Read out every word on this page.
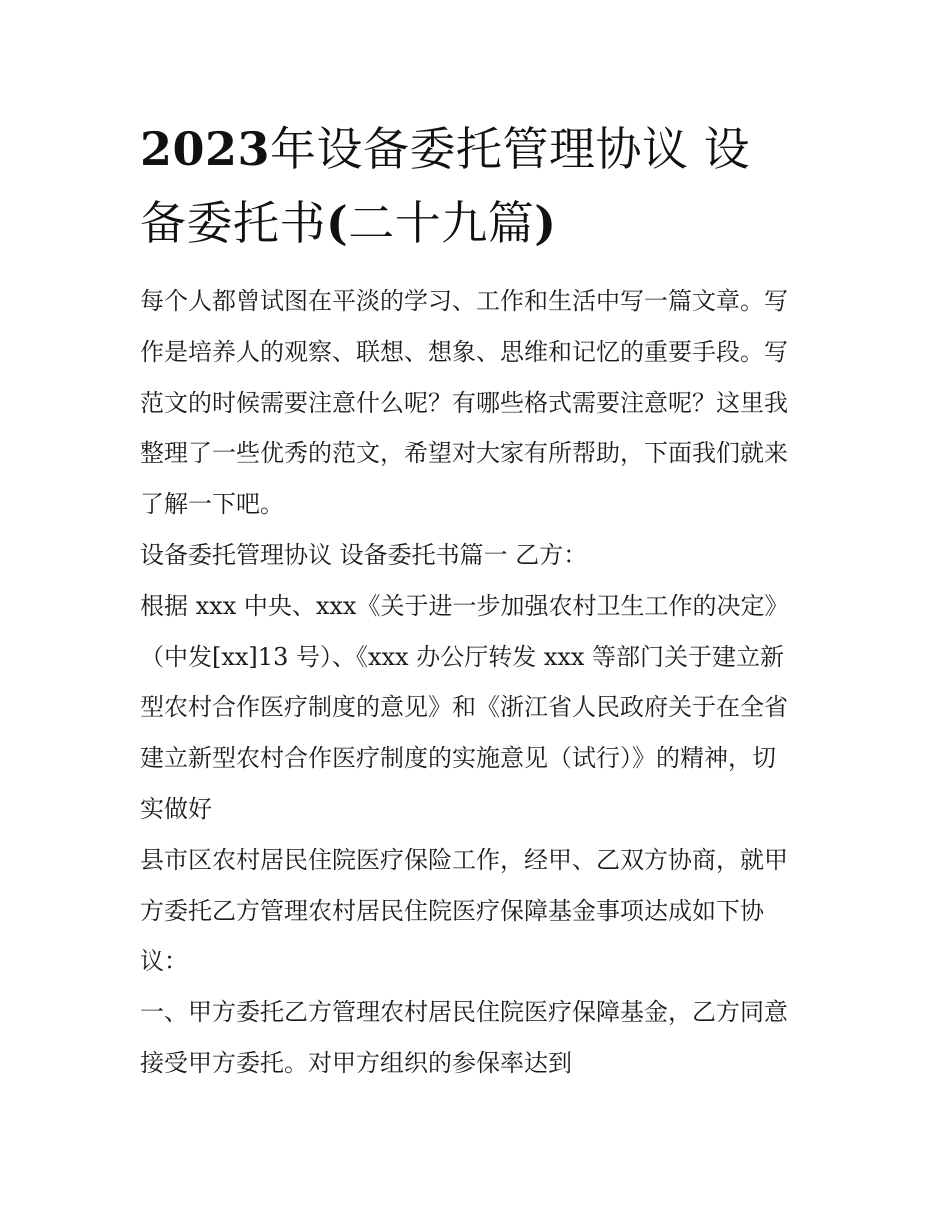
2023年设备委托管理协议 设
备委托书(二十九篇)
每个人都曾试图在平淡的学习、工作和生活中写一篇文章。写
作是培养人的观察、联想、想象、思维和记忆的重要手段。写
范文的时候需要注意什么呢？有哪些格式需要注意呢？这里我
整理了一些优秀的范文，希望对大家有所帮助，下面我们就来
了解一下吧。
设备委托管理协议 设备委托书篇一 乙方：
根据 xxx 中央、xxx《关于进一步加强农村卫生工作的决定》
（中发[xx]13 号）、《xxx 办公厅转发 xxx 等部门关于建立新
型农村合作医疗制度的意见》和《浙江省人民政府关于在全省
建立新型农村合作医疗制度的实施意见（试行）》的精神，切
实做好
县市区农村居民住院医疗保险工作，经甲、乙双方协商，就甲
方委托乙方管理农村居民住院医疗保障基金事项达成如下协
议：
一、甲方委托乙方管理农村居民住院医疗保障基金，乙方同意
接受甲方委托。对甲方组织的参保率达到
